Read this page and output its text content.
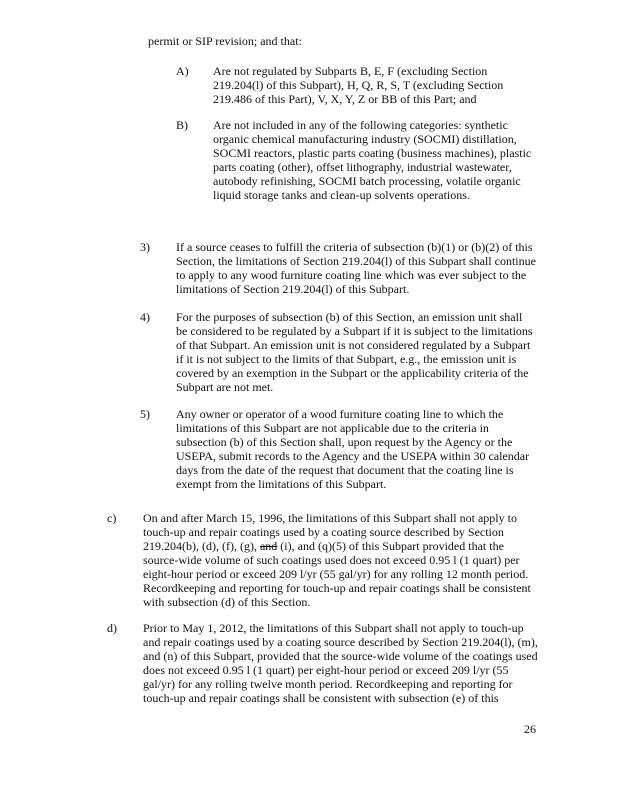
permit or SIP revision; and that:
A) Are not regulated by Subparts B, E, F (excluding Section
219.204(l) of this Subpart), H, Q, R, S, T (excluding Section
219.486 of this Part), V, X, Y, Z or BB of this Part; and
B) Are not included in any of the following categories: synthetic
organic chemical manufacturing industry (SOCMI) distillation,
SOCMI reactors, plastic parts coating (business machines), plastic
parts coating (other), offset lithography, industrial wastewater,
autobody refinishing, SOCMI batch processing, volatile organic
liquid storage tanks and clean-up solvents operations.
3) If a source ceases to fulfill the criteria of subsection (b)(1) or (b)(2) of this
Section, the limitations of Section 219.204(l) of this Subpart shall continue
to apply to any wood furniture coating line which was ever subject to the
limitations of Section 219.204(l) of this Subpart.
4) For the purposes of subsection (b) of this Section, an emission unit shall
be considered to be regulated by a Subpart if it is subject to the limitations
of that Subpart. An emission unit is not considered regulated by a Subpart
if it is not subject to the limits of that Subpart, e.g., the emission unit is
covered by an exemption in the Subpart or the applicability criteria of the
Subpart are not met.
5) Any owner or operator of a wood furniture coating line to which the
limitations of this Subpart are not applicable due to the criteria in
subsection (b) of this Section shall, upon request by the Agency or the
USEPA, submit records to the Agency and the USEPA within 30 calendar
days from the date of the request that document that the coating line is
exempt from the limitations of this Subpart.
c) On and after March 15, 1996, the limitations of this Subpart shall not apply to
touch-up and repair coatings used by a coating source described by Section
219.204(b), (d), (f), (g), and (i), and (q)(5) of this Subpart provided that the
source-wide volume of such coatings used does not exceed 0.95 l (1 quart) per
eight-hour period or exceed 209 l/yr (55 gal/yr) for any rolling 12 month period.
Recordkeeping and reporting for touch-up and repair coatings shall be consistent
with subsection (d) of this Section.
d) Prior to May 1, 2012, the limitations of this Subpart shall not apply to touch-up
and repair coatings used by a coating source described by Section 219.204(l), (m),
and (n) of this Subpart, provided that the source-wide volume of the coatings used
does not exceed 0.95 l (1 quart) per eight-hour period or exceed 209 l/yr (55
gal/yr) for any rolling twelve month period. Recordkeeping and reporting for
touch-up and repair coatings shall be consistent with subsection (e) of this
26
